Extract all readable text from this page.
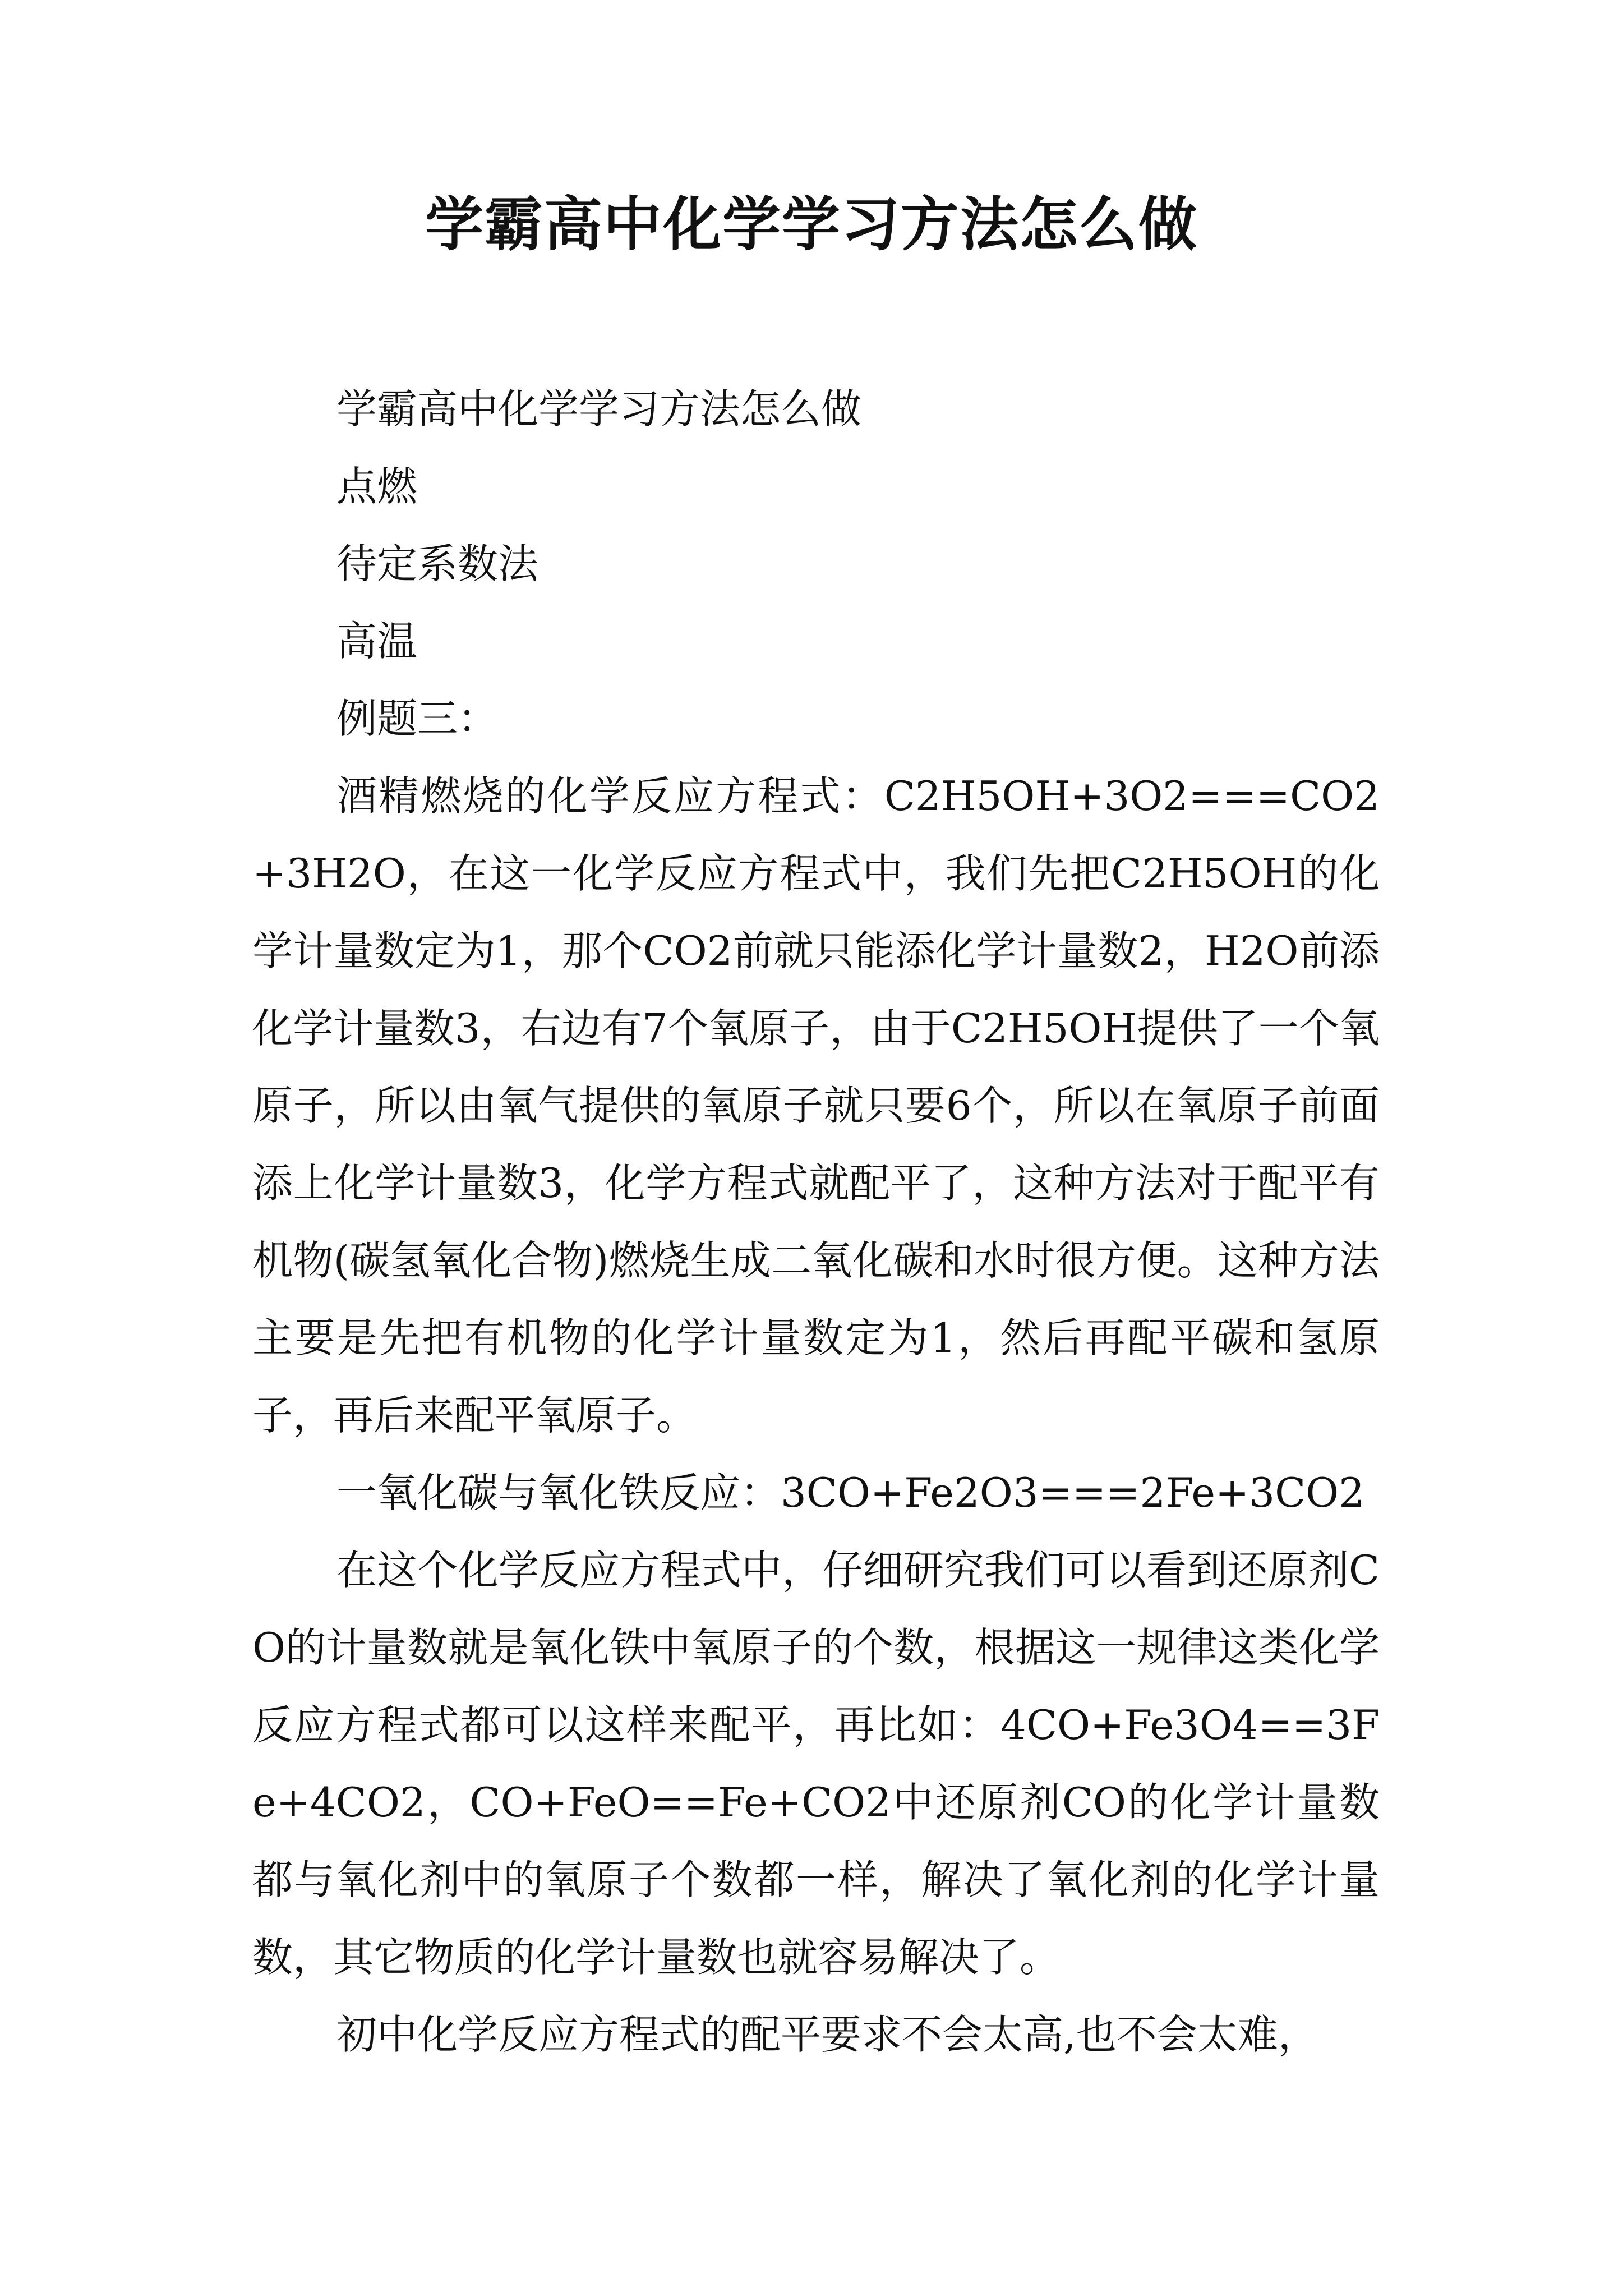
学霸高中化学学习方法怎么做

学霸高中化学学习方法怎么做

点燃

待定系数法

高温

例题三：

酒精燃烧的化学反应方程式：C2H5OH+3O2===CO2+3H2O，在这一化学反应方程式中，我们先把C2H5OH的化学计量数定为1，那个CO2前就只能添化学计量数2，H2O前添化学计量数3，右边有7个氧原子，由于C2H5OH提供了一个氧原子，所以由氧气提供的氧原子就只要6个，所以在氧原子前面添上化学计量数3，化学方程式就配平了，这种方法对于配平有机物(碳氢氧化合物)燃烧生成二氧化碳和水时很方便。这种方法主要是先把有机物的化学计量数定为1，然后再配平碳和氢原子，再后来配平氧原子。

一氧化碳与氧化铁反应：3CO+Fe2O3===2Fe+3CO2

在这个化学反应方程式中，仔细研究我们可以看到还原剂CO的计量数就是氧化铁中氧原子的个数，根据这一规律这类化学反应方程式都可以这样来配平，再比如：4CO+Fe3O4==3Fe+4CO2，CO+FeO==Fe+CO2中还原剂CO的化学计量数都与氧化剂中的氧原子个数都一样，解决了氧化剂的化学计量数，其它物质的化学计量数也就容易解决了。

初中化学反应方程式的配平要求不会太高,也不会太难，
